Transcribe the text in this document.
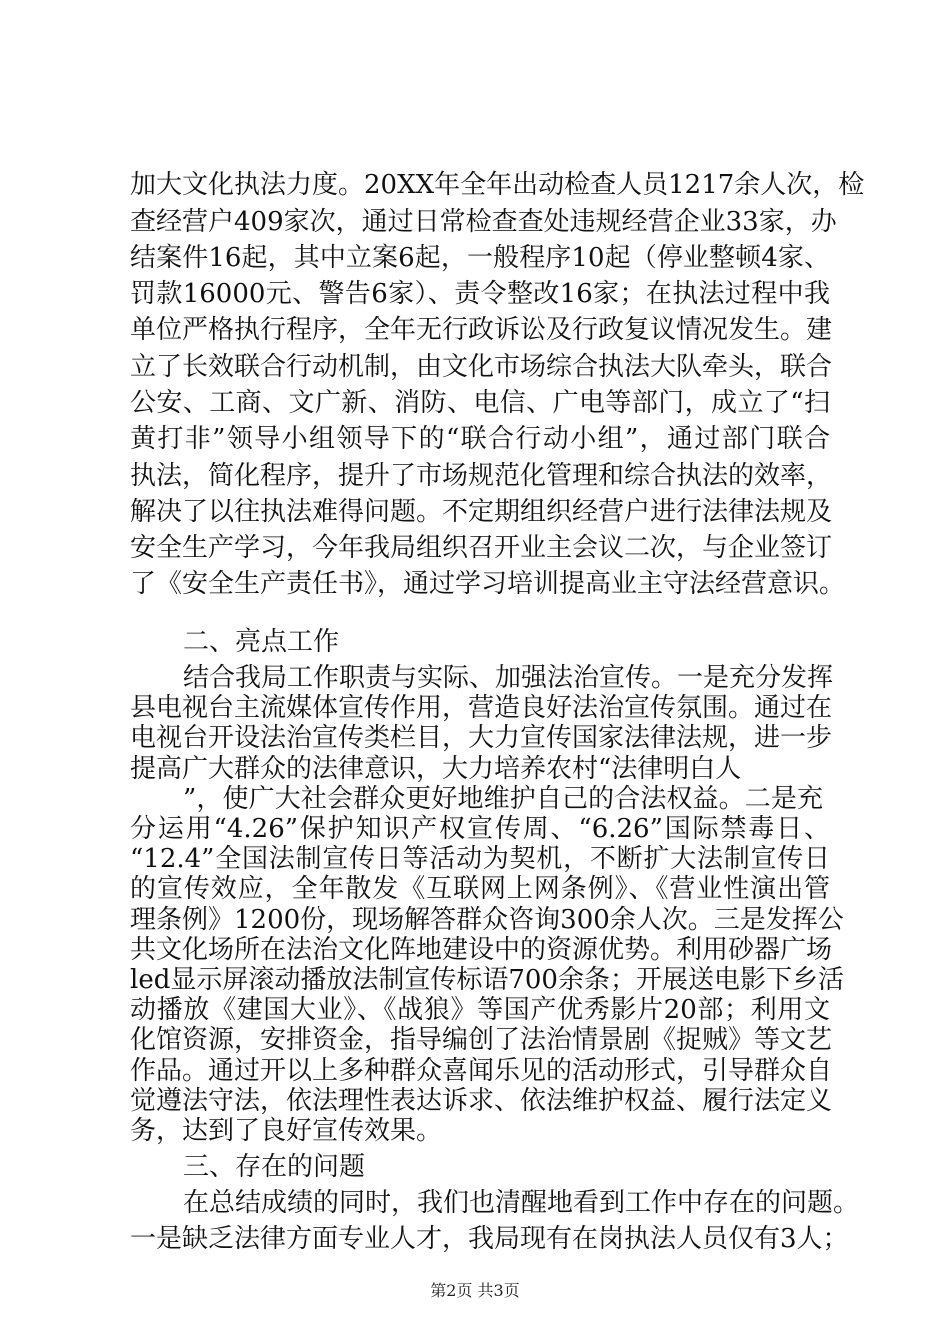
加大文化执法力度。20XX年全年出动检查人员1217余人次，检
查经营户409家次，通过日常检查查处违规经营企业33家，办
结案件16起，其中立案6起，一般程序10起（停业整顿4家、
罚款16000元、警告6家）、责令整改16家；在执法过程中我
单位严格执行程序，全年无行政诉讼及行政复议情况发生。建
立了长效联合行动机制，由文化市场综合执法大队牵头，联合
公安、工商、文广新、消防、电信、广电等部门，成立了“扫
黄打非”领导小组领导下的“联合行动小组”，通过部门联合
执法，简化程序，提升了市场规范化管理和综合执法的效率，
解决了以往执法难得问题。不定期组织经营户进行法律法规及
安全生产学习，今年我局组织召开业主会议二次，与企业签订
了《安全生产责任书》，通过学习培训提高业主守法经营意识。
二、亮点工作
结合我局工作职责与实际、加强法治宣传。一是充分发挥
县电视台主流媒体宣传作用，营造良好法治宣传氛围。通过在
电视台开设法治宣传类栏目，大力宣传国家法律法规，进一步
提高广大群众的法律意识，大力培养农村“法律明白人
”，使广大社会群众更好地维护自己的合法权益。二是充
分运用“4.26”保护知识产权宣传周、“6.26”国际禁毒日、
“12.4”全国法制宣传日等活动为契机，不断扩大法制宣传日
的宣传效应，全年散发《互联网上网条例》、《营业性演出管
理条例》1200份，现场解答群众咨询300余人次。三是发挥公
共文化场所在法治文化阵地建设中的资源优势。利用砂器广场
led显示屏滚动播放法制宣传标语700余条；开展送电影下乡活
动播放《建国大业》、《战狼》等国产优秀影片20部；利用文
化馆资源，安排资金，指导编创了法治情景剧《捉贼》等文艺
作品。通过开以上多种群众喜闻乐见的活动形式，引导群众自
觉遵法守法，依法理性表达诉求、依法维护权益、履行法定义
务，达到了良好宣传效果。
第2页 共3页
三、存在的问题
在总结成绩的同时，我们也清醒地看到工作中存在的问题。
一是缺乏法律方面专业人才，我局现有在岗执法人员仅有3人；
